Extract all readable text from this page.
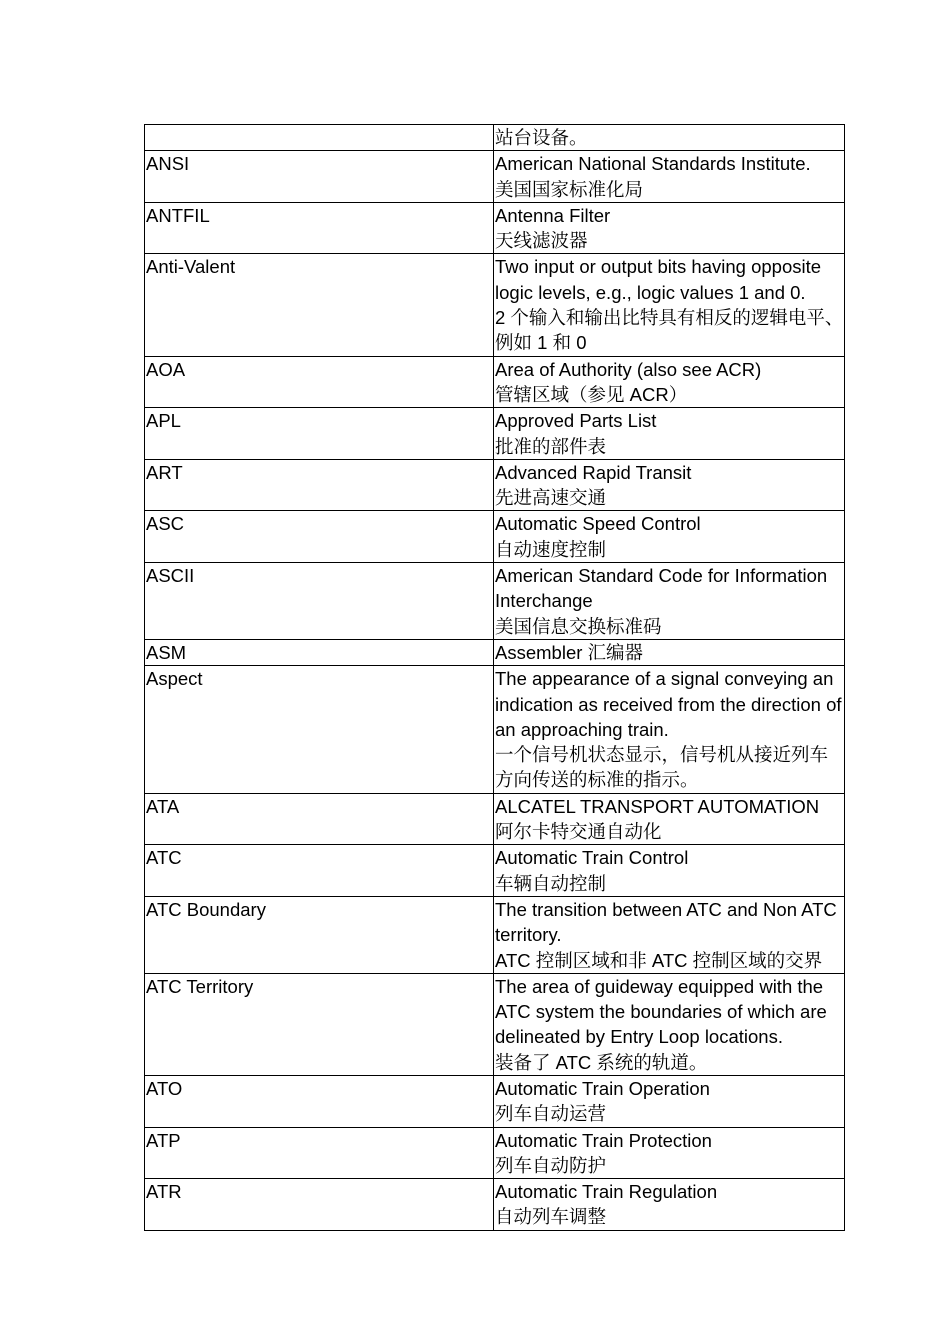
	站台设备。

ANSI	American National Standards Institute.
美国国家标准化局

ANTFIL	Antenna Filter
天线滤波器

Anti-Valent	Two input or output bits having opposite logic levels, e.g., logic values 1 and 0.
2 个输入和输出比特具有相反的逻辑电平、例如 1 和 0

AOA	Area of Authority (also see ACR)
管辖区域（参见 ACR）

APL	Approved Parts List
批准的部件表

ART	Advanced Rapid Transit
先进高速交通

ASC	Automatic Speed Control
自动速度控制

ASCII	American Standard Code for Information Interchange
美国信息交换标准码

ASM	Assembler 汇编器

Aspect	The appearance of a signal conveying an indication as received from the direction of an approaching train.
一个信号机状态显示，信号机从接近列车方向传送的标准的指示。

ATA	ALCATEL TRANSPORT AUTOMATION
阿尔卡特交通自动化

ATC	Automatic Train Control
车辆自动控制

ATC Boundary	The transition between ATC and Non ATC territory.
ATC 控制区域和非 ATC 控制区域的交界

ATC Territory	The area of guideway equipped with the ATC system the boundaries of which are delineated by Entry Loop locations.
装备了 ATC 系统的轨道。

ATO	Automatic Train Operation
列车自动运营

ATP	Automatic Train Protection
列车自动防护

ATR	Automatic Train Regulation
自动列车调整
